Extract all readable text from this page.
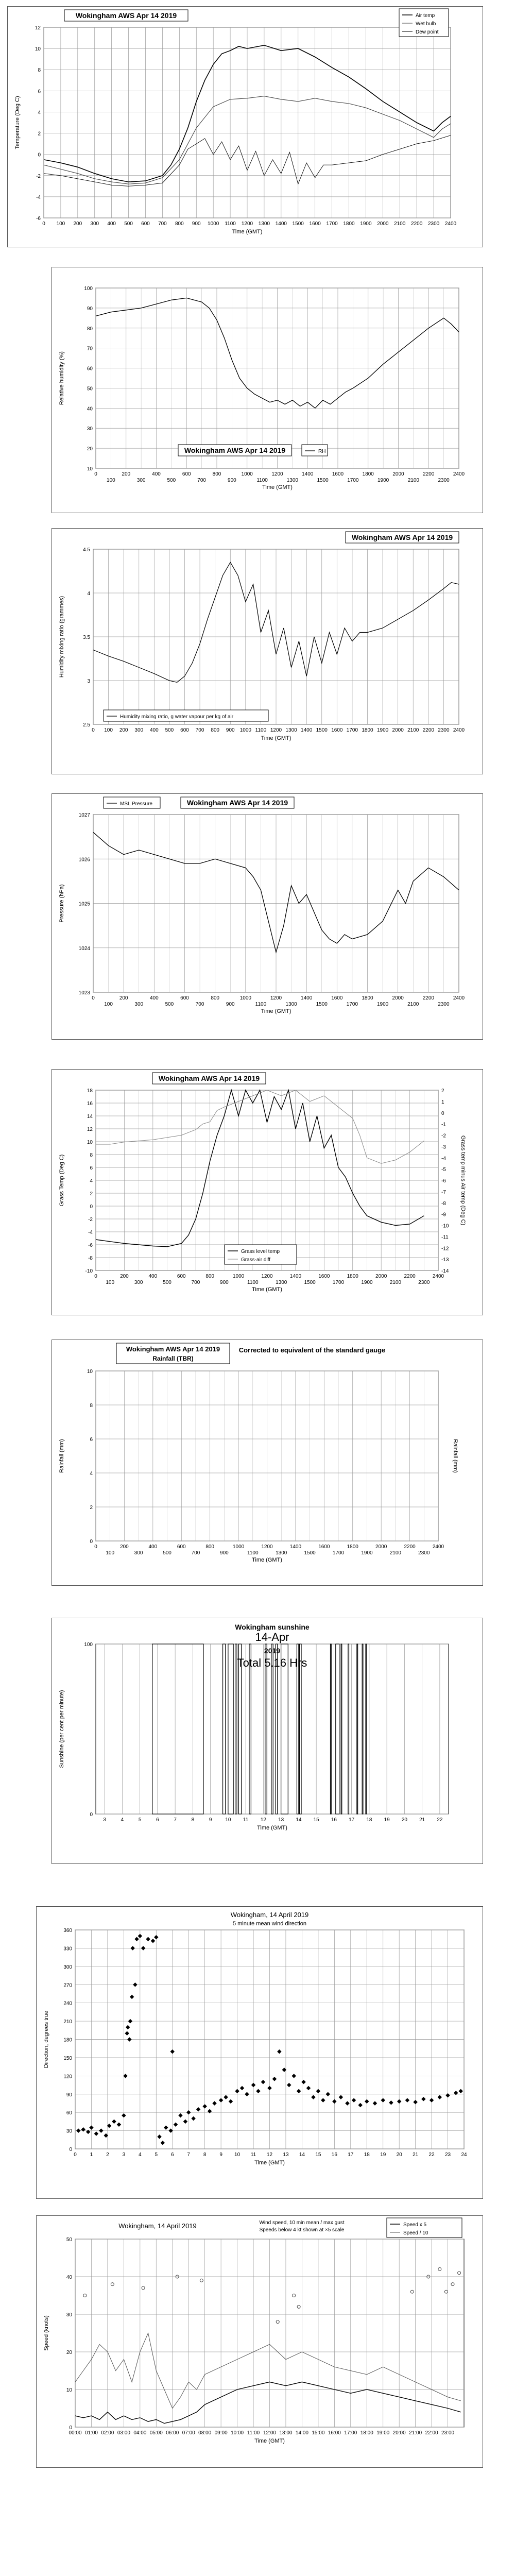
0 100 200 300 400 500 600 700 800 900 1000 1100 1200 1300 1400 1500 1600 1700 1800 1900 2000 2100 2200 2300 2400
-6
-4
-2
0
2
4
6
8
10
12
Time (GMT)
Temperature (Deg C)
Wokingham AWS Apr 14 2019	Air temp
Wet bulb
Dew point
0	200	400	600	800	1000	1200	1400	1600	1800	2000	2200	2400
100	300	500	700	900	1100	1300	1500	1700	1900	2100	2300
10
20
30
40
50
60
70
80
90
100
Time (GMT)
Relative humidity (%)
Wokingham AWS Apr 14 2019	RH
0 100 200 300 400 500 600 700 800 900 1000 1100 1200 1300 1400 1500 1600 1700 1800 1900 2000 2100 2200 2300 2400
2.5
3
3.5
4
4.5
Time (GMT)
Humidity mixing ratio (grammes)
Wokingham AWS Apr 14 2019
Humidity mixing ratio, g water vapour per kg of air
0	200	400	600	800	1000	1200	1400	1600	1800	2000	2200	2400
100	300	500	700	900	1100	1300	1500	1700	1900	2100	2300
1023
1024
1025
1026
1027
Time (GMT)
Pressure (hPa)
Wokingham AWS Apr 14 2019
MSL Pressure
0	200	400	600	800	1000	1200	1400	1600	1800	2000	2200	2400
100	300	500	700	900	1100	1300	1500	1700	1900	2100	2300
-10
-8
-6
-4
-2
0
2
4
6
8
10
12
14
16
18
Time (GMT)
Grass Temp (Deg C)
-14
-13
-12
-11
-10
-9
-8
-7
-6
-5
-4
-3
-2
-1
0
1
2
Grass temp minus Air temp (Deg C)
Wokingham AWS Apr 14 2019
Grass level temp
Grass-air diff
0	200	400	600	800	1000	1200	1400	1600	1800	2000	2200	2400
100	300	500	700	900	1100	1300	1500	1700	1900	2100	2300
0
2
4
6
8
10
Time (GMT)
Rainfall (mm)
Wokingham AWS Apr 14 2019
Rainfall (TBR)
Corrected to equivalent of the standard gauge
Rainfall (mm)
3	4	5	6	7	8	9	10 11 12 13 14 15 16 17 18 19 20 21 22
0
100
Time (GMT)
Sunshine (per cent per minute)
Wokingham sunshine
14-Apr
2019
Total 5.16 Hrs
0	1	2	3	4	5	6	7	8	9 10 11 12 13 14 15 16 17 18 19 20 21 22 23 24
0
30
60
90
120
150
180
210
240
270
300
330
360
Time (GMT)
Direction, degrees true
Wokingham, 14 April 2019
5 minute mean wind direction
00:00 01:00 02:00 03:00 04:00 05:00 06:00 07:00 08:00 09:00 10:00 11:00 12:00 13:00 14:00 15:00 16:00 17:00 18:00 19:00 20:00 21:00 22:00 23:00
0
10
20
30
40
50
Time (GMT)
Speed (knots)
Wokingham, 14 April 2019	Wind speed, 10 min mean / max gust
Speeds below 4 kt shown at ×5 scale
Speed x 5
Speed / 10
